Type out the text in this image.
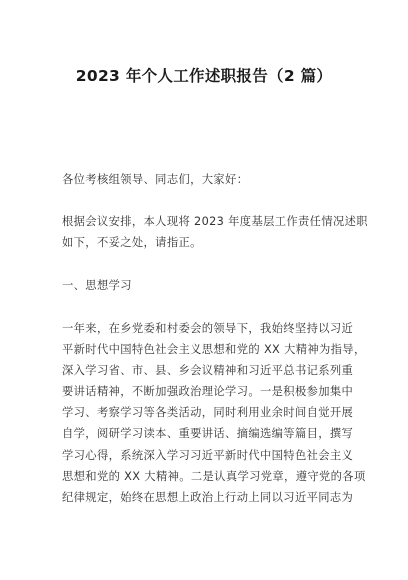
2023 年个人工作述职报告（2 篇）
各位考核组领导、同志们，大家好：
根据会议安排，本人现将 2023 年度基层工作责任情况述职
如下，不妥之处，请指正。
一、思想学习
一年来，在乡党委和村委会的领导下，我始终坚持以习近
平新时代中国特色社会主义思想和党的 XX 大精神为指导，
深入学习省、市、县、乡会议精神和习近平总书记系列重
要讲话精神，不断加强政治理论学习。一是积极参加集中
学习、考察学习等各类活动，同时利用业余时间自觉开展
自学，阅研学习读本、重要讲话、摘编选编等篇目，撰写
学习心得，系统深入学习习近平新时代中国特色社会主义
思想和党的 XX 大精神。二是认真学习党章，遵守党的各项
纪律规定，始终在思想上政治上行动上同以习近平同志为
